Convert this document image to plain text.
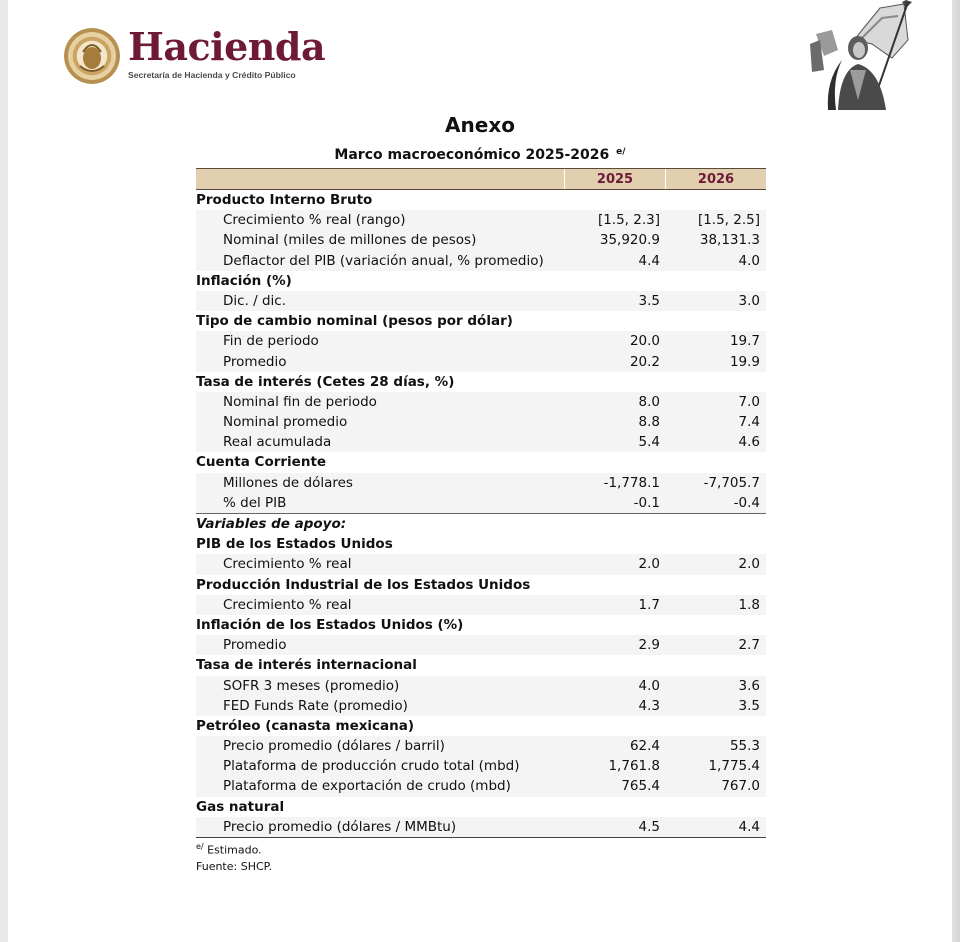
Hacienda
Secretaría de Hacienda y Crédito Público
Anexo
Marco macroeconómico 2025-2026 $^{e/}$
2025	2026
Producto Interno Bruto
Crecimiento % real (rango)	[1.5, 2.3]	[1.5, 2.5]
Nominal (miles de millones de pesos)	35,920.9	38,131.3
Deflactor del PIB (variación anual, % promedio)	4.4	4.0
Inflación (%)
Dic. / dic.	3.5	3.0
Tipo de cambio nominal (pesos por dólar)
Fin de periodo	20.0	19.7
Promedio	20.2	19.9
Tasa de interés (Cetes 28 días, %)
Nominal fin de periodo	8.0	7.0
Nominal promedio	8.8	7.4
Real acumulada	5.4	4.6
Cuenta Corriente
Millones de dólares	-1,778.1	-7,705.7
% del PIB	-0.1	-0.4
Variables de apoyo:
PIB de los Estados Unidos
Crecimiento % real	2.0	2.0
Producción Industrial de los Estados Unidos
Crecimiento % real	1.7	1.8
Inflación de los Estados Unidos (%)
Promedio	2.9	2.7
Tasa de interés internacional
SOFR 3 meses (promedio)	4.0	3.6
FED Funds Rate (promedio)	4.3	3.5
Petróleo (canasta mexicana)
Precio promedio (dólares / barril)	62.4	55.3
Plataforma de producción crudo total (mbd)	1,761.8	1,775.4
Plataforma de exportación de crudo (mbd)	765.4	767.0
Gas natural
Precio promedio (dólares / MMBtu)	4.5	4.4
$^{e/}$ Estimado.
Fuente: SHCP.
